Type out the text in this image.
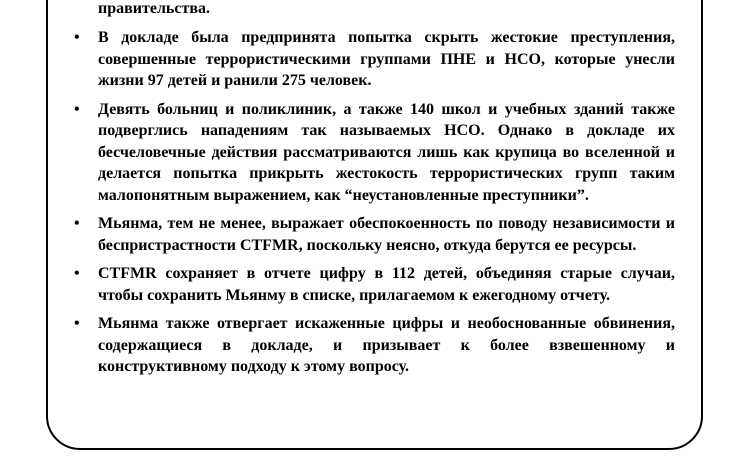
правительства.

• В докладе была предпринята попытка скрыть жестокие преступления, совершенные террористическими группами ПНЕ и НСО, которые унесли жизни 97 детей и ранили 275 человек.
• Девять больниц и поликлиник, а также 140 школ и учебных зданий также подверглись нападениям так называемых НСО. Однако в докладе их бесчеловечные действия рассматриваются лишь как крупица во вселенной и делается попытка прикрыть жестокость террористических групп таким малопонятным выражением, как “неустановленные преступники”.
• Мьянма, тем не менее, выражает обеспокоенность по поводу независимости и беспристрастности CTFMR, поскольку неясно, откуда берутся ее ресурсы.
• CTFMR сохраняет в отчете цифру в 112 детей, объединяя старые случаи, чтобы сохранить Мьянму в списке, прилагаемом к ежегодному отчету.
• Мьянма также отвергает искаженные цифры и необоснованные обвинения, содержащиеся в докладе, и призывает к более взвешенному и конструктивному подходу к этому вопросу.
